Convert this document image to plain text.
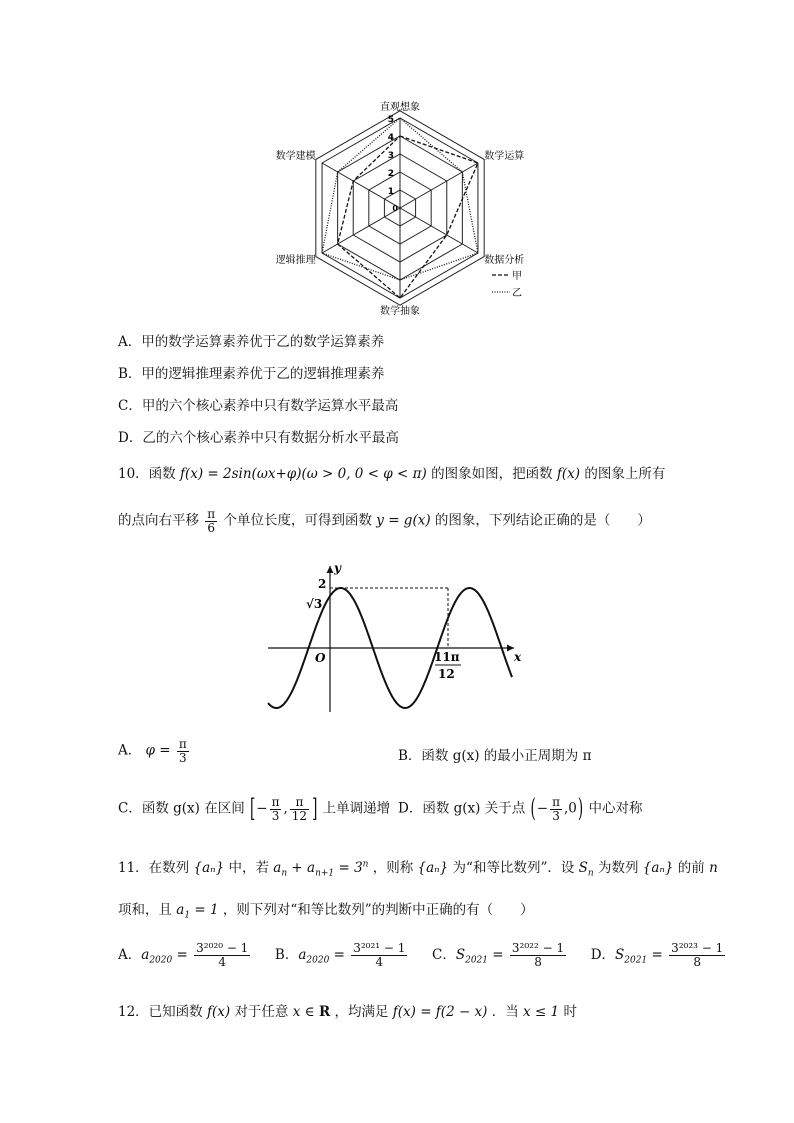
直观想象
数学运算
数据分析
数学抽象
逻辑推理
数学建模
1
2
3
4
5
0
甲
乙
A．甲的数学运算素养优于乙的数学运算素养
B．甲的逻辑推理素养优于乙的逻辑推理素养
C．甲的六个核心素养中只有数学运算水平最高
D．乙的六个核心素养中只有数据分析水平最高
10．函数 f(x) = 2sin(ωx+φ)(ω > 0, 0 < φ < π) 的图象如图，把函数 f(x) 的图象上所有
的点向右平移 $\frac{\pi}{6}$ 个单位长度，可得到函数 y = g(x) 的图象，下列结论正确的是（　　）
y
x
O
2
√3
11π
12
A． $\varphi = \frac{\pi}{3}$	B．函数 g(x) 的最小正周期为 π
C．函数 g(x) 在区间 [− $\frac{\pi}{3}$ , $\frac{\pi}{12}$ ] 上单调递增 D．函数 g(x) 关于点 (− $\frac{\pi}{3} ,0$) 中心对称
11．在数列 {aₙ} 中，若 $a_n + a_{n+1} = 3^n$ ，则称 {aₙ} 为“和等比数列”．设 $S_n$ 为数列 {aₙ} 的前 n
项和，且 $a_1 = 1$ ，则下列对“和等比数列”的判断中正确的有（　　）
A．$a_{2020} = \frac{\text{3²⁰²⁰ − 1}}{4}$ B．$a_{2020} = \frac{\text{3²⁰²¹ − 1}}{4}$ C．$S_{2021} = \frac{\text{3²⁰²² − 1}}{8}$ D．$S_{2021} = \frac{\text{3²⁰²³ − 1}}{8}$
12．已知函数 f(x) 对于任意 x ∈ R ，均满足 f(x) = f(2 − x) ．当 x ≤ 1 时
